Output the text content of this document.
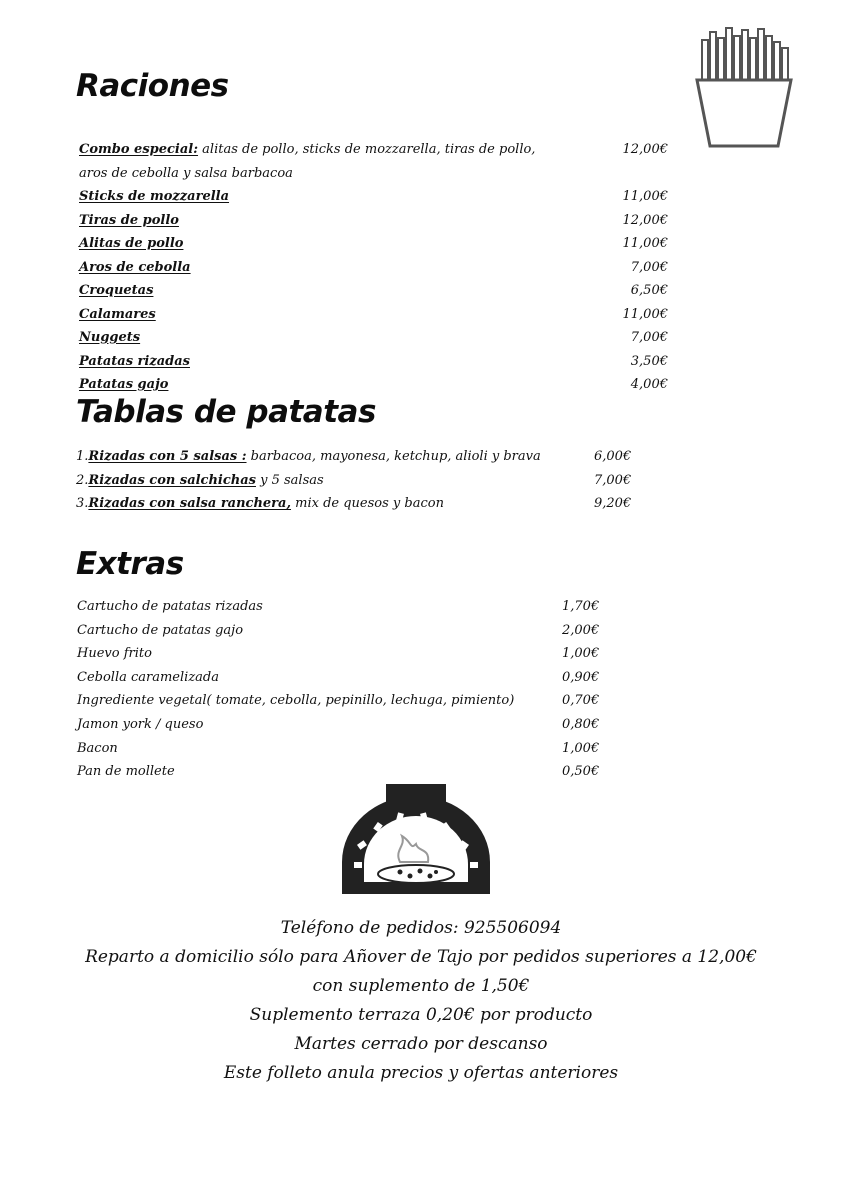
Raciones
Combo especial: alitas de pollo, sticks de mozzarella, tiras de pollo,	12,00€
aros de cebolla y salsa barbacoa
Sticks de mozzarella	11,00€
Tiras de pollo	12,00€
Alitas de pollo	11,00€
Aros de cebolla	7,00€
Croquetas	6,50€
Calamares	11,00€
Nuggets	7,00€
Patatas rizadas	3,50€
Patatas gajo	4,00€
Tablas de patatas
1.Rizadas con 5 salsas : barbacoa, mayonesa, ketchup, alioli y brava	6,00€
2.Rizadas con salchichas y 5 salsas	7,00€
3.Rizadas con salsa ranchera, mix de quesos y bacon	9,20€
Extras
Cartucho de patatas rizadas	1,70€
Cartucho de patatas gajo	2,00€
Huevo frito	1,00€
Cebolla caramelizada	0,90€
Ingrediente vegetal( tomate, cebolla, pepinillo, lechuga, pimiento)	0,70€
Jamon york / queso	0,80€
Bacon	1,00€
Pan de mollete	0,50€
Teléfono de pedidos: 925506094
Reparto a domicilio sólo para Añover de Tajo por pedidos superiores a 12,00€
con suplemento de 1,50€
Suplemento terraza 0,20€ por producto
Martes cerrado por descanso
Este folleto anula precios y ofertas anteriores
